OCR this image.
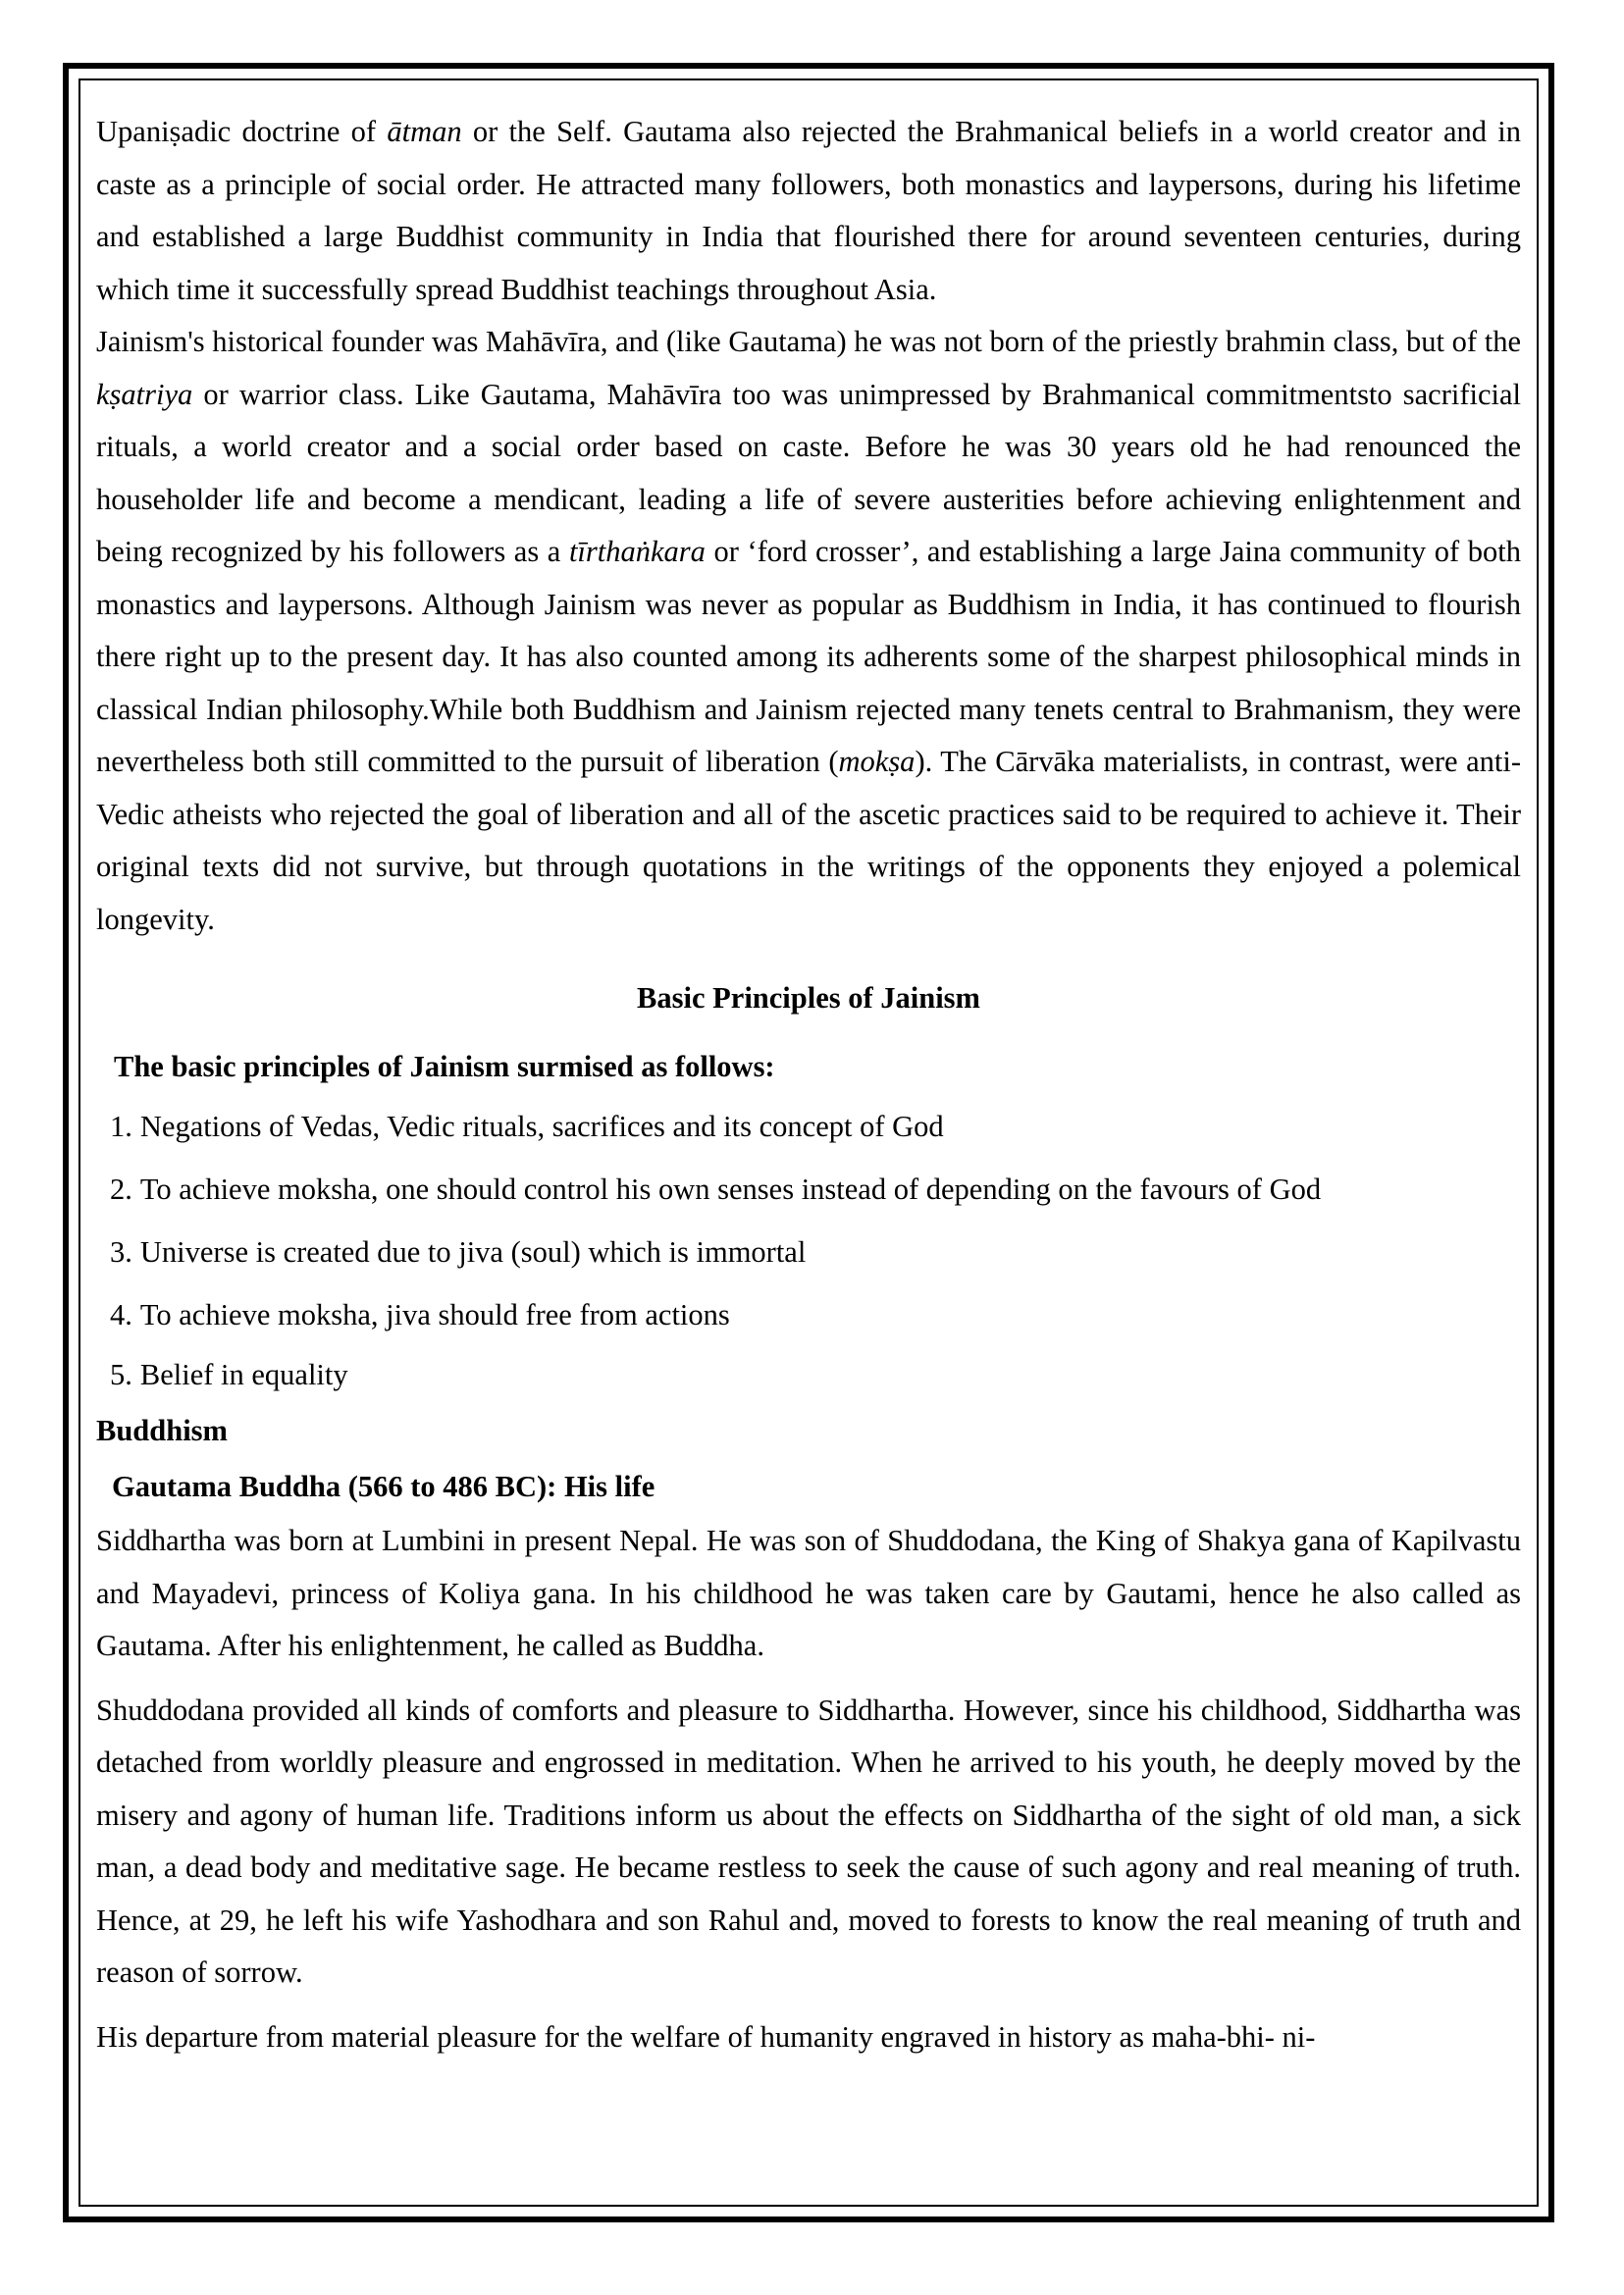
Upaniṣadic doctrine of ātman or the Self. Gautama also rejected the Brahmanical beliefs in a world creator and in caste as a principle of social order. He attracted many followers, both monastics and laypersons, during his lifetime and established a large Buddhist community in India that flourished there for around seventeen centuries, during which time it successfully spread Buddhist teachings throughout Asia.

Jainism's historical founder was Mahāvīra, and (like Gautama) he was not born of the priestly brahmin class, but of the kṣatriya or warrior class. Like Gautama, Mahāvīra too was unimpressed by Brahmanical commitmentsto sacrificial rituals, a world creator and a social order based on caste. Before he was 30 years old he had renounced the householder life and become a mendicant, leading a life of severe austerities before achieving enlightenment and being recognized by his followers as a tīrthaṅkara or ‘ford crosser’, and establishing a large Jaina community of both monastics and laypersons. Although Jainism was never as popular as Buddhism in India, it has continued to flourish there right up to the present day. It has also counted among its adherents some of the sharpest philosophical minds in classical Indian philosophy.While both Buddhism and Jainism rejected many tenets central to Brahmanism, they were nevertheless both still committed to the pursuit of liberation (mokṣa). The Cārvāka materialists, in contrast, were anti-Vedic atheists who rejected the goal of liberation and all of the ascetic practices said to be required to achieve it. Their original texts did not survive, but through quotations in the writings of the opponents they enjoyed a polemical longevity.

Basic Principles of Jainism
The basic principles of Jainism surmised as follows:
1. Negations of Vedas, Vedic rituals, sacrifices and its concept of God
2. To achieve moksha, one should control his own senses instead of depending on the favours of God
3. Universe is created due to jiva (soul) which is immortal
4. To achieve moksha, jiva should free from actions
5. Belief in equality
Buddhism
Gautama Buddha (566 to 486 BC): His life

Siddhartha was born at Lumbini in present Nepal. He was son of Shuddodana, the King of Shakya gana of Kapilvastu and Mayadevi, princess of Koliya gana. In his childhood he was taken care by Gautami, hence he also called as Gautama. After his enlightenment, he called as Buddha.

Shuddodana provided all kinds of comforts and pleasure to Siddhartha. However, since his childhood, Siddhartha was detached from worldly pleasure and engrossed in meditation. When he arrived to his youth, he deeply moved by the misery and agony of human life. Traditions inform us about the effects on Siddhartha of the sight of old man, a sick man, a dead body and meditative sage. He became restless to seek the cause of such agony and real meaning of truth. Hence, at 29, he left his wife Yashodhara and son Rahul and, moved to forests to know the real meaning of truth and reason of sorrow.

His departure from material pleasure for the welfare of humanity engraved in history as maha-bhi- ni-
